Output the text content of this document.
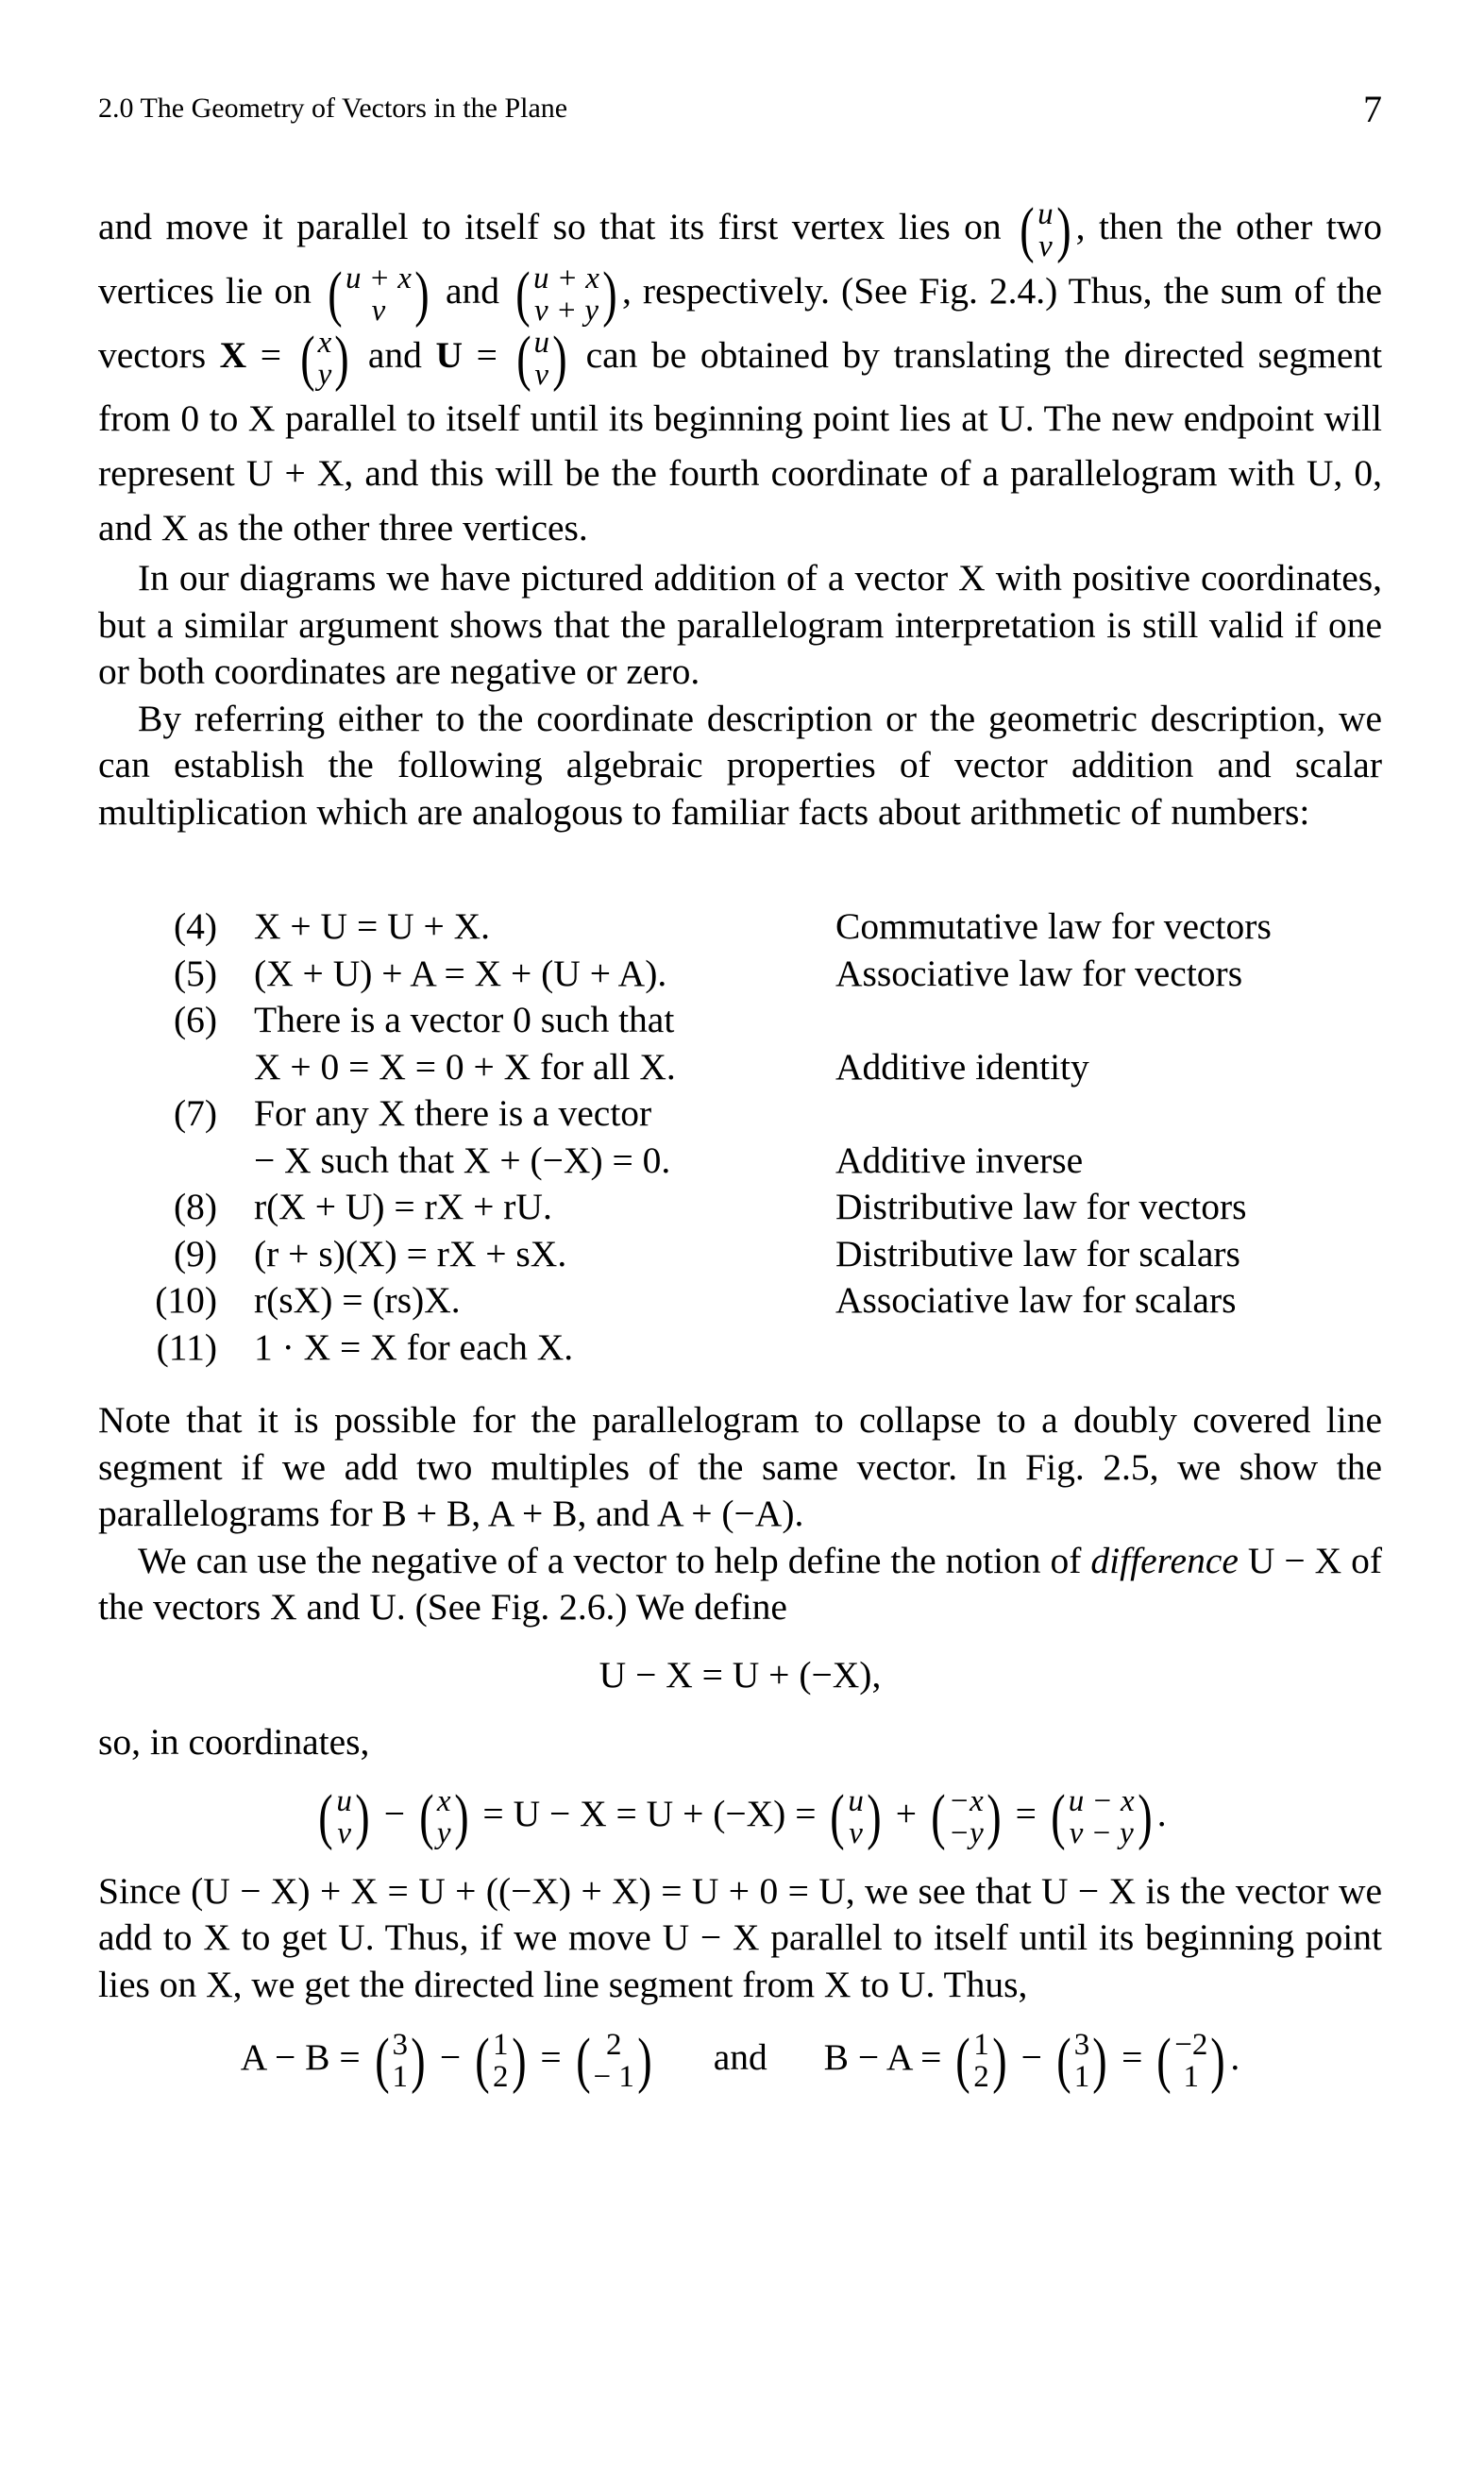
2.0 The Geometry of Vectors in the Plane	7

and move it parallel to itself so that its first vertex lies on (u
v) , then the other two vertices lie on (u + x
v ) and (u + x
v + y) , respectively. (See Fig. 2.4.) Thus, the sum of the vectors X = (x
y) and U = (u
v) can be obtained by translating the directed segment from 0 to X parallel to itself until its beginning point lies at U. The new endpoint will represent U + X, and this will be the fourth coordinate of a parallelogram with U, 0, and X as the other three vertices.

In our diagrams we have pictured addition of a vector X with positive coordinates, but a similar argument shows that the parallelogram interpretation is still valid if one or both coordinates are negative or zero.

By referring either to the coordinate description or the geometric description, we can establish the following algebraic properties of vector addition and scalar multiplication which are analogous to familiar facts about arithmetic of numbers:

(4) X + U = U + X.	Commutative law for vectors
(5) (X + U) + A = X + (U + A).	Associative law for vectors
(6) There is a vector 0 such that
X + 0 = X = 0 + X for all X.	Additive identity
(7) For any X there is a vector
− X such that X + (−X) = 0.	Additive inverse
(8) r(X + U) = rX + rU.	Distributive law for vectors
(9) (r + s)(X) = rX + sX.	Distributive law for scalars
(10) r(sX) = (rs)X.	Associative law for scalars
(11) 1 · X = X for each X.

Note that it is possible for the parallelogram to collapse to a doubly covered line segment if we add two multiples of the same vector. In Fig. 2.5, we show the parallelograms for B + B, A + B, and A + (−A).

We can use the negative of a vector to help define the notion of difference U − X of the vectors X and U. (See Fig. 2.6.) We define

U − X = U + (−X),

so, in coordinates,

(u
v) − (x
y) = U − X = U + (−X) = (u
v) + (−x
−y) = (u − x
v − y) .

Since (U − X) + X = U + ((−X) + X) = U + 0 = U, we see that U − X is the vector we add to X to get U. Thus, if we move U − X parallel to itself until its beginning point lies on X, we get the directed line segment from X to U. Thus,

A − B = (3
1) − (1
2) = ( 2
− 1) and B − A = (1
2) − (3
1) = (−2
1 ) .
